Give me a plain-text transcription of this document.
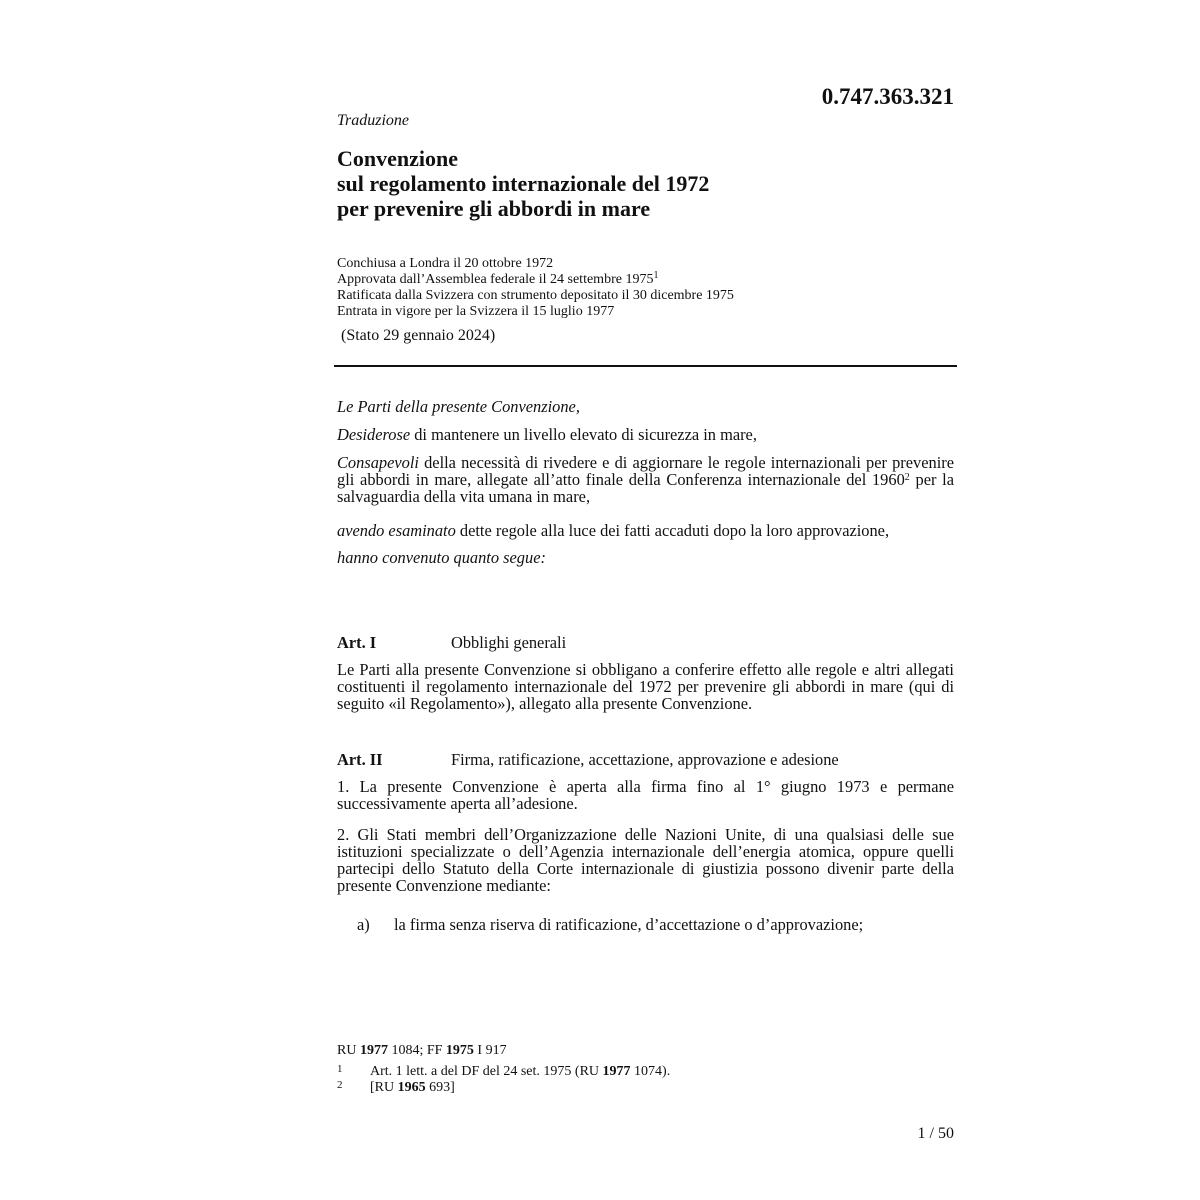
0.747.363.321
Traduzione
Convenzione
sul regolamento internazionale del 1972
per prevenire gli abbordi in mare
Conchiusa a Londra il 20 ottobre 1972
Approvata dall’Assemblea federale il 24 settembre 1975$^1$
Ratificata dalla Svizzera con strumento depositato il 30 dicembre 1975
Entrata in vigore per la Svizzera il 15 luglio 1977
(Stato 29 gennaio 2024)
Le Parti della presente Convenzione,
Desiderose di mantenere un livello elevato di sicurezza in mare,
Consapevoli della necessità di rivedere e di aggiornare le regole internazionali per prevenire gli abbordi in mare, allegate all’atto finale della Conferenza internazionale del 1960$^2$ per la salvaguardia della vita umana in mare,
avendo esaminato dette regole alla luce dei fatti accaduti dopo la loro approvazione,
hanno convenuto quanto segue:
Art. I	Obblighi generali
Le Parti alla presente Convenzione si obbligano a conferire effetto alle regole e altri allegati costituenti il regolamento internazionale del 1972 per prevenire gli abbordi in mare (qui di seguito «il Regolamento»), allegato alla presente Convenzione.
Art. II	Firma, ratificazione, accettazione, approvazione e adesione
1. La presente Convenzione è aperta alla firma fino al 1° giugno 1973 e permane successivamente aperta all’adesione.
2. Gli Stati membri dell’Organizzazione delle Nazioni Unite, di una qualsiasi delle sue istituzioni specializzate o dell’Agenzia internazionale dell’energia atomica, oppure quelli partecipi dello Statuto della Corte internazionale di giustizia possono divenir parte della presente Convenzione mediante:
a) la firma senza riserva di ratificazione, d’accettazione o d’approvazione;
RU 1977 1084; FF 1975 I 917
1 Art. 1 lett. a del DF del 24 set. 1975 (RU 1977 1074).
2 [RU 1965 693]
1 / 50
